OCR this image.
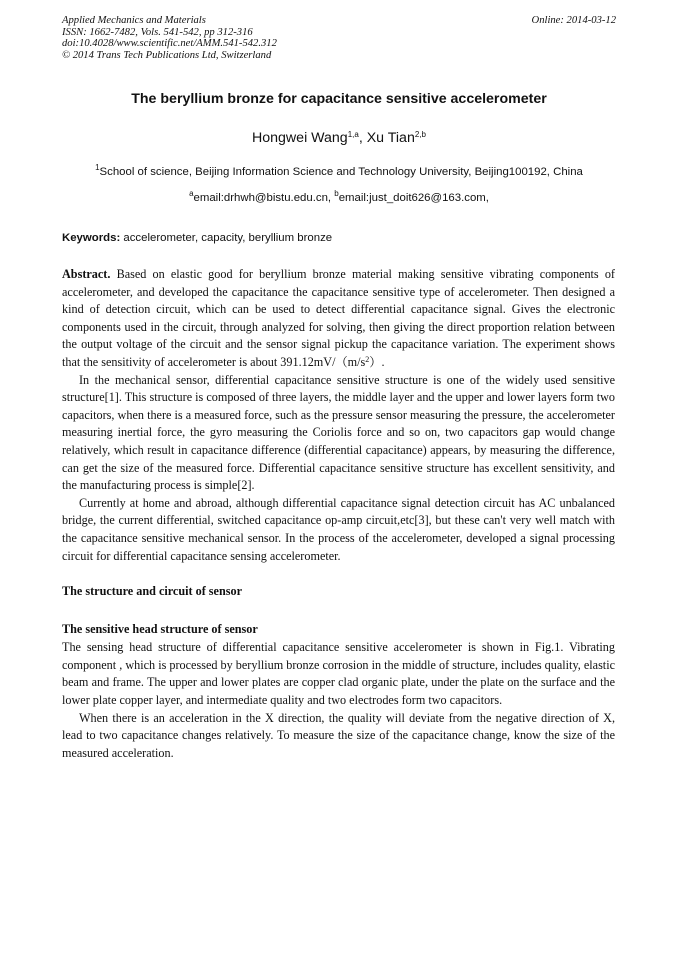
Applied Mechanics and Materials
ISSN: 1662-7482, Vols. 541-542, pp 312-316
doi:10.4028/www.scientific.net/AMM.541-542.312
© 2014 Trans Tech Publications Ltd, Switzerland
Online: 2014-03-12
The beryllium bronze for capacitance sensitive accelerometer
Hongwei Wang$^{1,a}$, Xu Tian$^{2,b}$
$^1$School of science, Beijing Information Science and Technology University, Beijing100192, China
$^a$email:drhwh@bistu.edu.cn, $^b$email:just_doit626@163.com,
Keywords: accelerometer, capacity, beryllium bronze

Abstract. Based on elastic good for beryllium bronze material making sensitive vibrating components of accelerometer, and developed the capacitance the capacitance sensitive type of accelerometer. Then designed a kind of detection circuit, which can be used to detect differential capacitance signal. Gives the electronic components used in the circuit, through analyzed for solving, then giving the direct proportion relation between the output voltage of the circuit and the sensor signal pickup the capacitance variation. The experiment shows that the sensitivity of accelerometer is about $391.12mV/(m/s^2)$.

In the mechanical sensor, differential capacitance sensitive structure is one of the widely used sensitive structure[1]. This structure is composed of three layers, the middle layer and the upper and lower layers form two capacitors, when there is a measured force, such as the pressure sensor measuring the pressure, the accelerometer measuring inertial force, the gyro measuring the Coriolis force and so on, two capacitors gap would change relatively, which result in capacitance difference (differential capacitance) appears, by measuring the difference, can get the size of the measured force. Differential capacitance sensitive structure has excellent sensitivity, and the manufacturing process is simple[2].

Currently at home and abroad, although differential capacitance signal detection circuit has AC unbalanced bridge, the current differential, switched capacitance op-amp circuit,etc[3], but these can't very well match with the capacitance sensitive mechanical sensor. In the process of the accelerometer, developed a signal processing circuit for differential capacitance sensing accelerometer.

The structure and circuit of sensor
The sensitive head structure of sensor

The sensing head structure of differential capacitance sensitive accelerometer is shown in Fig.1. Vibrating component , which is processed by beryllium bronze corrosion in the middle of structure, includes quality, elastic beam and frame. The upper and lower plates are copper clad organic plate, under the plate on the surface and the lower plate copper layer, and intermediate quality and two electrodes form two capacitors.

When there is an acceleration in the X direction, the quality will deviate from the negative direction of X, lead to two capacitance changes relatively. To measure the size of the capacitance change, know the size of the measured acceleration.
